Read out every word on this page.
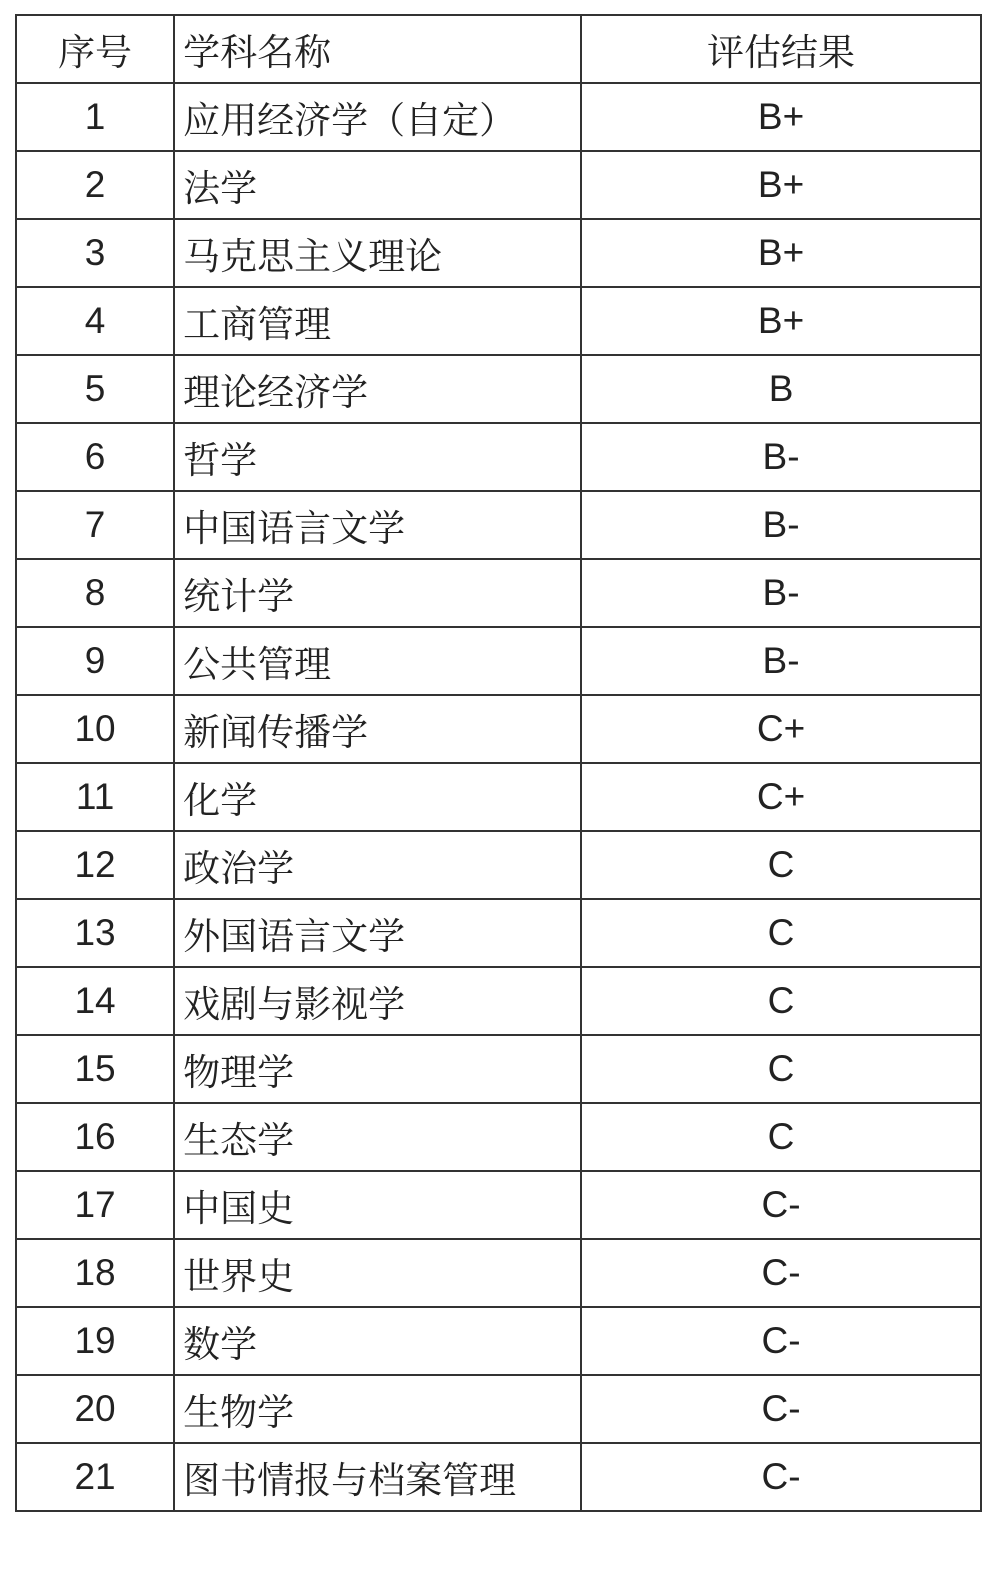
序号	学科名称	评估结果
1	应用经济学（自定）	B+
2	法学	B+
3	马克思主义理论	B+
4	工商管理	B+
5	理论经济学	B
6	哲学	B-
7	中国语言文学	B-
8	统计学	B-
9	公共管理	B-
10	新闻传播学	C+
11	化学	C+
12	政治学	C
13	外国语言文学	C
14	戏剧与影视学	C
15	物理学	C
16	生态学	C
17	中国史	C-
18	世界史	C-
19	数学	C-
20	生物学	C-
21	图书情报与档案管理	C-
